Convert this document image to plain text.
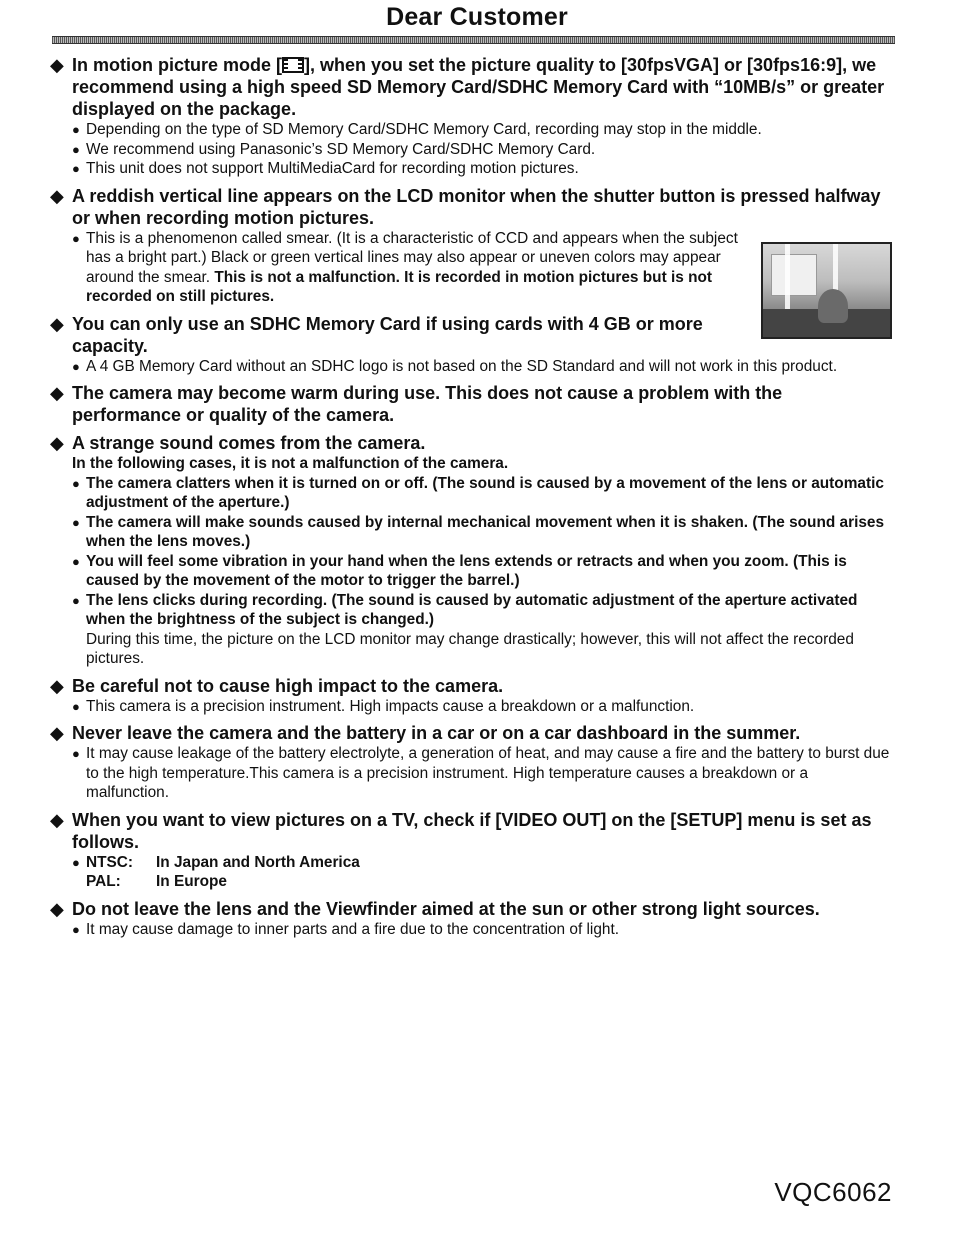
Dear Customer
◆ In motion picture mode [ ], when you set the picture quality to [30fpsVGA] or [30fps16:9], we recommend using a high speed SD Memory Card/SDHC Memory Card with “10MB/s” or greater displayed on the package.
● Depending on the type of SD Memory Card/SDHC Memory Card, recording may stop in the middle.
● We recommend using Panasonic’s SD Memory Card/SDHC Memory Card.
● This unit does not support MultiMediaCard for recording motion pictures.
◆ A reddish vertical line appears on the LCD monitor when the shutter button is pressed halfway or when recording motion pictures.
● This is a phenomenon called smear. (It is a characteristic of CCD and appears when the subject has a bright part.) Black or green vertical lines may also appear or uneven colors may appear around the smear. This is not a malfunction. It is recorded in motion pictures but is not recorded on still pictures.
◆ You can only use an SDHC Memory Card if using cards with 4 GB or more capacity.
● A 4 GB Memory Card without an SDHC logo is not based on the SD Standard and will not work in this product.
◆ The camera may become warm during use. This does not cause a problem with the performance or quality of the camera.
◆ A strange sound comes from the camera.
In the following cases, it is not a malfunction of the camera.
● The camera clatters when it is turned on or off. (The sound is caused by a movement of the lens or automatic adjustment of the aperture.)
● The camera will make sounds caused by internal mechanical movement when it is shaken. (The sound arises when the lens moves.)
● You will feel some vibration in your hand when the lens extends or retracts and when you zoom. (This is caused by the movement of the motor to trigger the barrel.)
● The lens clicks during recording. (The sound is caused by automatic adjustment of the aperture activated when the brightness of the subject is changed.)
During this time, the picture on the LCD monitor may change drastically; however, this will not affect the recorded pictures.
◆ Be careful not to cause high impact to the camera.
● This camera is a precision instrument. High impacts cause a breakdown or a malfunction.
◆ Never leave the camera and the battery in a car or on a car dashboard in the summer.
● It may cause leakage of the battery electrolyte, a generation of heat, and may cause a fire and the battery to burst due to the high temperature.This camera is a precision instrument. High temperature causes a breakdown or a malfunction.
◆ When you want to view pictures on a TV, check if [VIDEO OUT] on the [SETUP] menu is set as follows.
● NTSC:	In Japan and North America
PAL:	In Europe
◆ Do not leave the lens and the Viewfinder aimed at the sun or other strong light sources.
● It may cause damage to inner parts and a fire due to the concentration of light.
VQC6062
